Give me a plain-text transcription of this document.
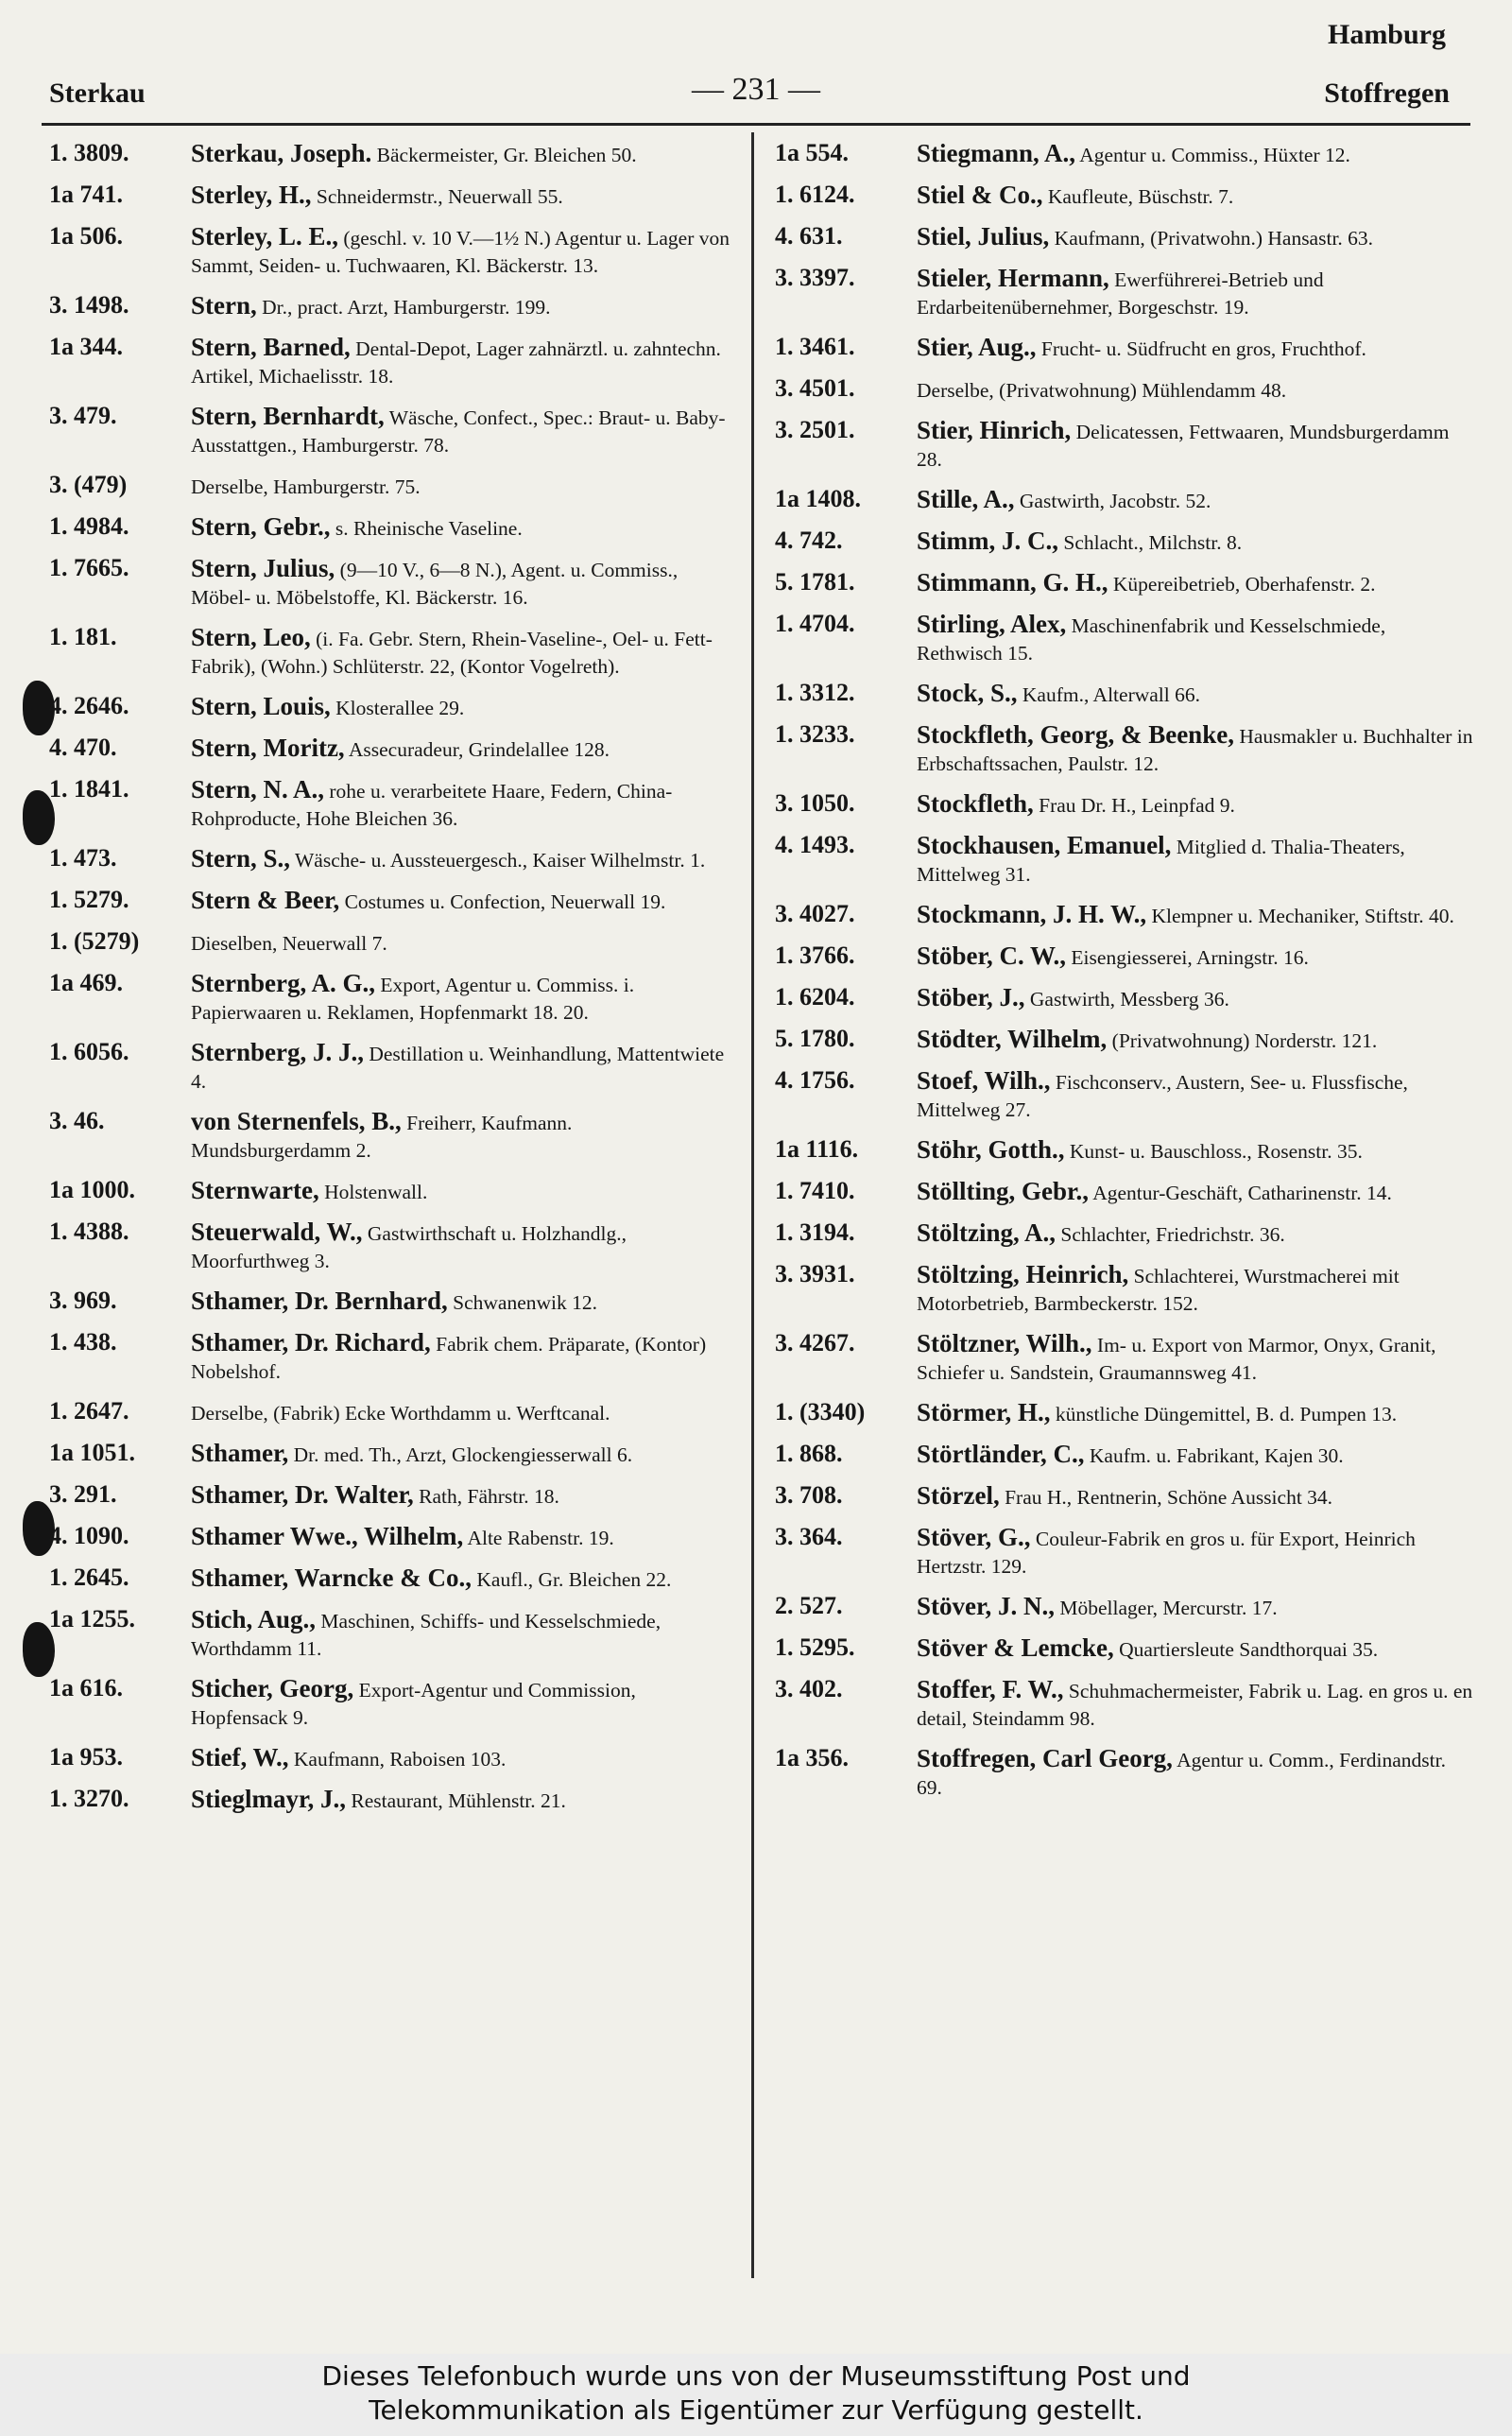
Hamburg
Sterkau	— 231 —	Stoffregen
1. 3809.	Sterkau, Joseph. Bäckermeister, Gr. Bleichen 50.
1a 741.	Sterley, H., Schneidermstr., Neuerwall 55.
1a 506.	Sterley, L. E., (geschl. v. 10 V.—1½ N.) Agentur u. Lager von Sammt, Seiden- u. Tuchwaaren, Kl. Bäckerstr. 13.
3. 1498.	Stern, Dr., pract. Arzt, Hamburgerstr. 199.
1a 344.	Stern, Barned, Dental-Depot, Lager zahnärztl. u. zahntechn. Artikel, Michaelisstr. 18.
3. 479.	Stern, Bernhardt, Wäsche, Confect., Spec.: Braut- u. Baby-Ausstattgen., Hamburgerstr. 78.
3. (479)	Derselbe, Hamburgerstr. 75.
1. 4984.	Stern, Gebr., s. Rheinische Vaseline.
1. 7665.	Stern, Julius, (9—10 V., 6—8 N.), Agent. u. Commiss., Möbel- u. Möbelstoffe, Kl. Bäckerstr. 16.
1. 181.	Stern, Leo, (i. Fa. Gebr. Stern, Rhein-Vaseline-, Oel- u. Fett-Fabrik), (Wohn.) Schlüterstr. 22, (Kontor Vogelreth).
4. 2646.	Stern, Louis, Klosterallee 29.
4. 470.	Stern, Moritz, Assecuradeur, Grindelallee 128.
1. 1841.	Stern, N. A., rohe u. verarbeitete Haare, Federn, China-Rohproducte, Hohe Bleichen 36.
1. 473.	Stern, S., Wäsche- u. Aussteuergesch., Kaiser Wilhelmstr. 1.
1. 5279.	Stern & Beer, Costumes u. Confection, Neuerwall 19.
1. (5279)	Dieselben, Neuerwall 7.
1a 469.	Sternberg, A. G., Export, Agentur u. Commiss. i. Papierwaaren u. Reklamen, Hopfenmarkt 18. 20.
1. 6056.	Sternberg, J. J., Destillation u. Weinhandlung, Mattentwiete 4.
3. 46.	von Sternenfels, B., Freiherr, Kaufmann. Mundsburgerdamm 2.
1a 1000.	Sternwarte, Holstenwall.
1. 4388.	Steuerwald, W., Gastwirthschaft u. Holzhandlg., Moorfurthweg 3.
3. 969.	Sthamer, Dr. Bernhard, Schwanenwik 12.
1. 438.	Sthamer, Dr. Richard, Fabrik chem. Präparate, (Kontor) Nobelshof.
1. 2647.	Derselbe, (Fabrik) Ecke Worthdamm u. Werftcanal.
1a 1051.	Sthamer, Dr. med. Th., Arzt, Glockengiesserwall 6.
3. 291.	Sthamer, Dr. Walter, Rath, Fährstr. 18.
4. 1090.	Sthamer Wwe., Wilhelm, Alte Rabenstr. 19.
1. 2645.	Sthamer, Warncke & Co., Kaufl., Gr. Bleichen 22.
1a 1255.	Stich, Aug., Maschinen, Schiffs- und Kesselschmiede, Worthdamm 11.
1a 616.	Sticher, Georg, Export-Agentur und Commission, Hopfensack 9.
1a 953.	Stief, W., Kaufmann, Raboisen 103.
1. 3270.	Stieglmayr, J., Restaurant, Mühlenstr. 21.
1a 554.	Stiegmann, A., Agentur u. Commiss., Hüxter 12.
1. 6124.	Stiel & Co., Kaufleute, Büschstr. 7.
4. 631.	Stiel, Julius, Kaufmann, (Privatwohn.) Hansastr. 63.
3. 3397.	Stieler, Hermann, Ewerführerei-Betrieb und Erdarbeitenübernehmer, Borgeschstr. 19.
1. 3461.	Stier, Aug., Frucht- u. Südfrucht en gros, Fruchthof.
3. 4501.	Derselbe, (Privatwohnung) Mühlendamm 48.
3. 2501.	Stier, Hinrich, Delicatessen, Fettwaaren, Mundsburgerdamm 28.
1a 1408.	Stille, A., Gastwirth, Jacobstr. 52.
4. 742.	Stimm, J. C., Schlacht., Milchstr. 8.
5. 1781.	Stimmann, G. H., Küpereibetrieb, Oberhafenstr. 2.
1. 4704.	Stirling, Alex, Maschinenfabrik und Kesselschmiede, Rethwisch 15.
1. 3312.	Stock, S., Kaufm., Alterwall 66.
1. 3233.	Stockfleth, Georg, & Beenke, Hausmakler u. Buchhalter in Erbschaftssachen, Paulstr. 12.
3. 1050.	Stockfleth, Frau Dr. H., Leinpfad 9.
4. 1493.	Stockhausen, Emanuel, Mitglied d. Thalia-Theaters, Mittelweg 31.
3. 4027.	Stockmann, J. H. W., Klempner u. Mechaniker, Stiftstr. 40.
1. 3766.	Stöber, C. W., Eisengiesserei, Arningstr. 16.
1. 6204.	Stöber, J., Gastwirth, Messberg 36.
5. 1780.	Stödter, Wilhelm, (Privatwohnung) Norderstr. 121.
4. 1756.	Stoef, Wilh., Fischconserv., Austern, See- u. Flussfische, Mittelweg 27.
1a 1116.	Stöhr, Gotth., Kunst- u. Bauschloss., Rosenstr. 35.
1. 7410.	Stöllting, Gebr., Agentur-Geschäft, Catharinenstr. 14.
1. 3194.	Stöltzing, A., Schlachter, Friedrichstr. 36.
3. 3931.	Stöltzing, Heinrich, Schlachterei, Wurstmacherei mit Motorbetrieb, Barmbeckerstr. 152.
3. 4267.	Stöltzner, Wilh., Im- u. Export von Marmor, Onyx, Granit, Schiefer u. Sandstein, Graumannsweg 41.
1. (3340)	Störmer, H., künstliche Düngemittel, B. d. Pumpen 13.
1. 868.	Störtländer, C., Kaufm. u. Fabrikant, Kajen 30.
3. 708.	Störzel, Frau H., Rentnerin, Schöne Aussicht 34.
3. 364.	Stöver, G., Couleur-Fabrik en gros u. für Export, Heinrich Hertzstr. 129.
2. 527.	Stöver, J. N., Möbellager, Mercurstr. 17.
1. 5295.	Stöver & Lemcke, Quartiersleute Sandthorquai 35.
3. 402.	Stoffer, F. W., Schuhmachermeister, Fabrik u. Lag. en gros u. en detail, Steindamm 98.
1a 356.	Stoffregen, Carl Georg, Agentur u. Comm., Ferdinandstr. 69.
Dieses Telefonbuch wurde uns von der Museumsstiftung Post und
Telekommunikation als Eigentümer zur Verfügung gestellt.
